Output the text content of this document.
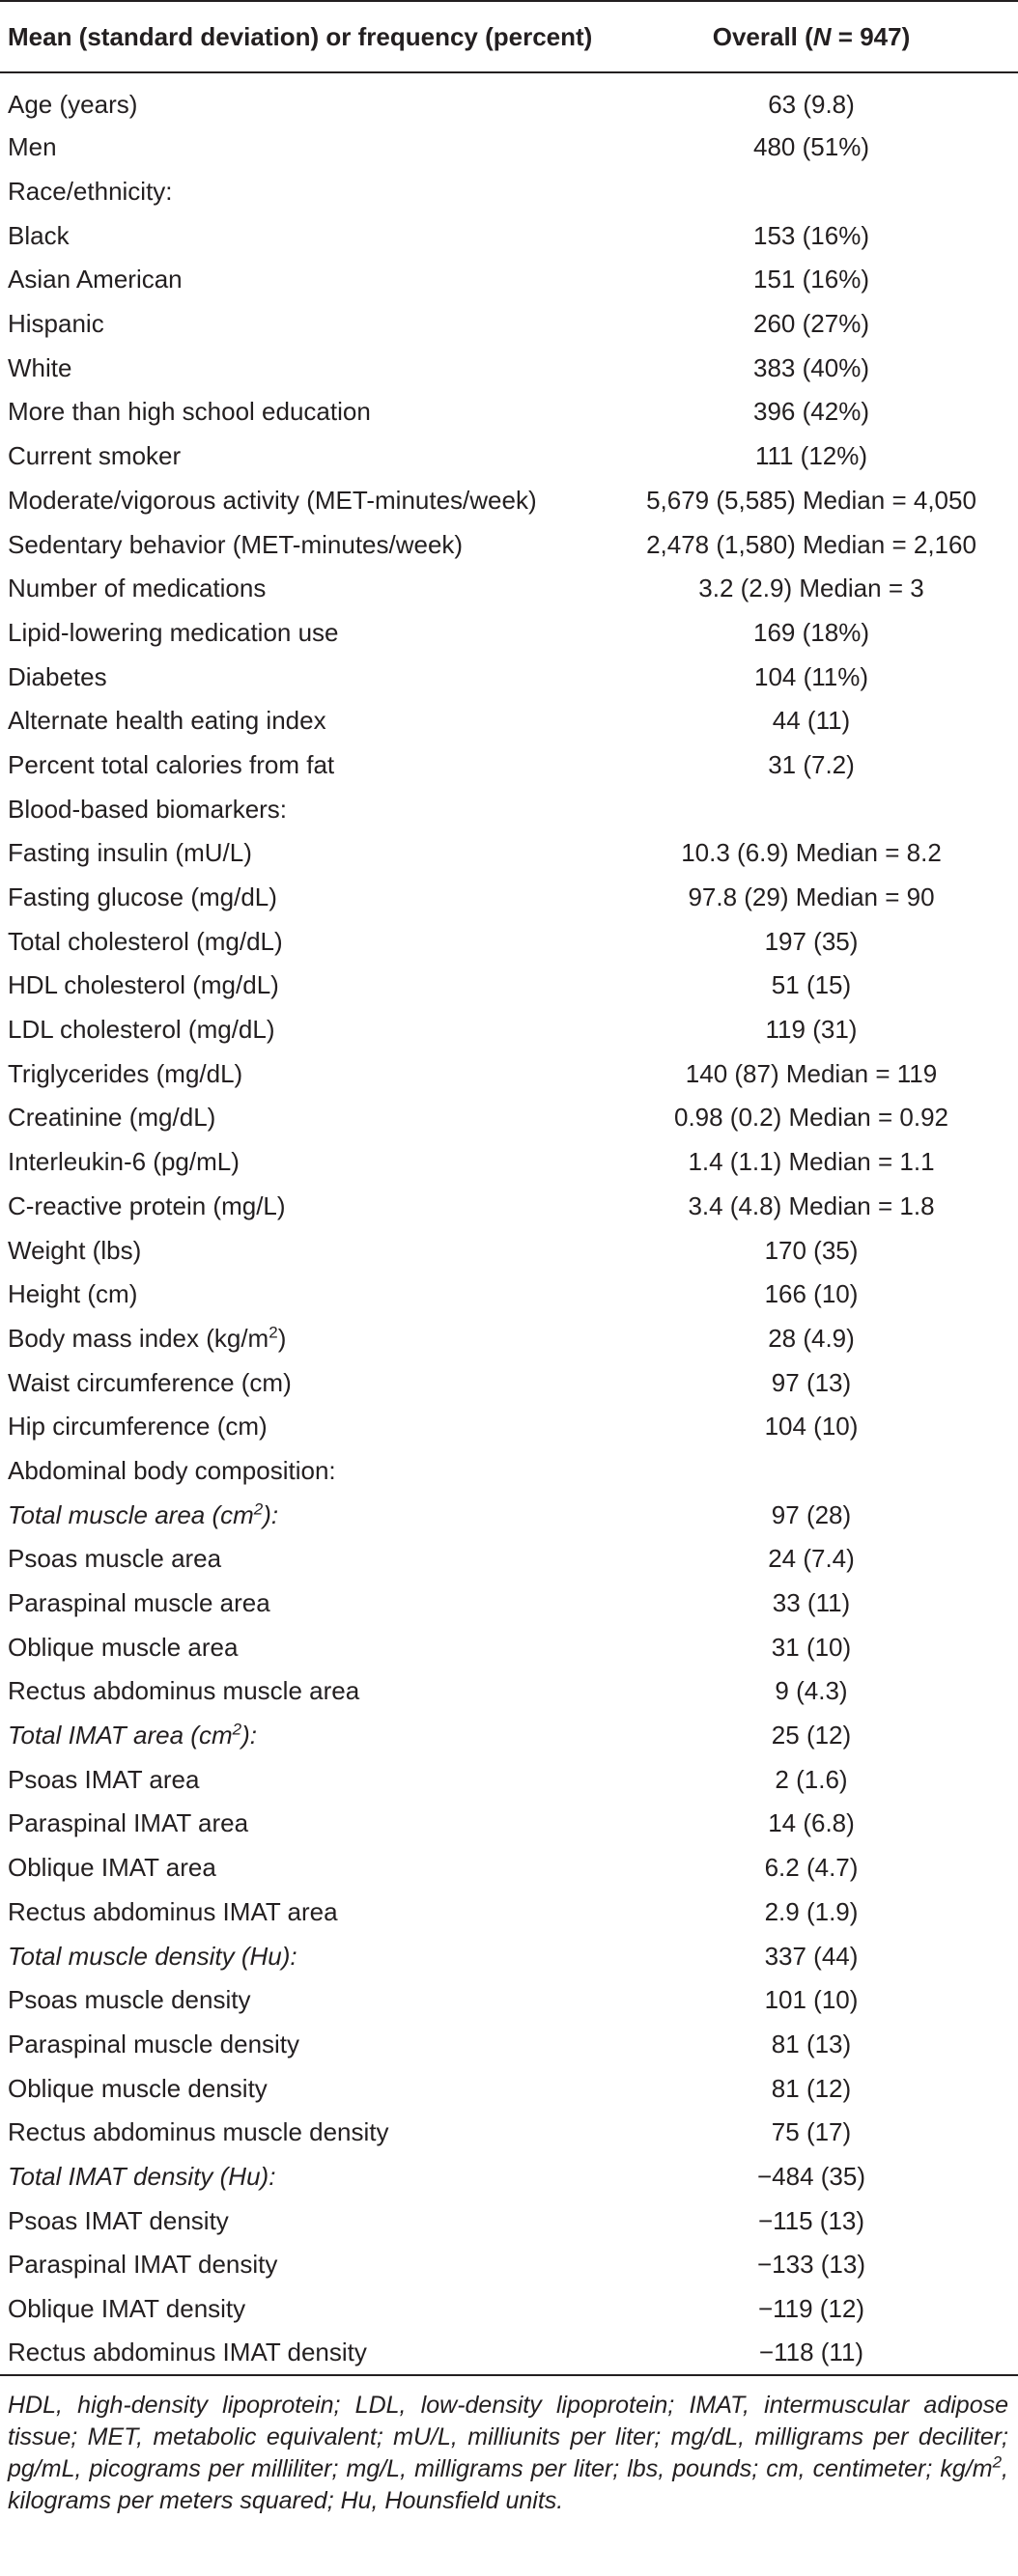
Mean (standard deviation) or frequency (percent)	Overall (N = 947)
Age (years)	63 (9.8)
Men	480 (51%)
Race/ethnicity:	
Black	153 (16%)
Asian American	151 (16%)
Hispanic	260 (27%)
White	383 (40%)
More than high school education	396 (42%)
Current smoker	111 (12%)
Moderate/vigorous activity (MET-minutes/week)	5,679 (5,585) Median = 4,050
Sedentary behavior (MET-minutes/week)	2,478 (1,580) Median = 2,160
Number of medications	3.2 (2.9) Median = 3
Lipid-lowering medication use	169 (18%)
Diabetes	104 (11%)
Alternate health eating index	44 (11)
Percent total calories from fat	31 (7.2)
Blood-based biomarkers:	
Fasting insulin (mU/L)	10.3 (6.9) Median = 8.2
Fasting glucose (mg/dL)	97.8 (29) Median = 90
Total cholesterol (mg/dL)	197 (35)
HDL cholesterol (mg/dL)	51 (15)
LDL cholesterol (mg/dL)	119 (31)
Triglycerides (mg/dL)	140 (87) Median = 119
Creatinine (mg/dL)	0.98 (0.2) Median = 0.92
Interleukin-6 (pg/mL)	1.4 (1.1) Median = 1.1
C-reactive protein (mg/L)	3.4 (4.8) Median = 1.8
Weight (lbs)	170 (35)
Height (cm)	166 (10)
Body mass index $(kg/m^2)$	28 (4.9)
Waist circumference (cm)	97 (13)
Hip circumference (cm)	104 (10)
Abdominal body composition:	
Total muscle area $(cm^2)$:	97 (28)
Psoas muscle area	24 (7.4)
Paraspinal muscle area	33 (11)
Oblique muscle area	31 (10)
Rectus abdominus muscle area	9 (4.3)
Total IMAT area $(cm^2)$:	25 (12)
Psoas IMAT area	2 (1.6)
Paraspinal IMAT area	14 (6.8)
Oblique IMAT area	6.2 (4.7)
Rectus abdominus IMAT area	2.9 (1.9)
Total muscle density (Hu):	337 (44)
Psoas muscle density	101 (10)
Paraspinal muscle density	81 (13)
Oblique muscle density	81 (12)
Rectus abdominus muscle density	75 (17)
Total IMAT density (Hu):	−484 (35)
Psoas IMAT density	−115 (13)
Paraspinal IMAT density	−133 (13)
Oblique IMAT density	−119 (12)
Rectus abdominus IMAT density	−118 (11)
HDL, high-density lipoprotein; LDL, low-density lipoprotein; IMAT, intermuscular adipose tissue; MET, metabolic equivalent; mU/L, milliunits per liter; mg/dL, milligrams per deciliter; pg/mL, picograms per milliliter; mg/L, milligrams per liter; lbs, pounds; cm, centimeter; $kg/m^2$, kilograms per meters squared; Hu, Hounsfield units.
